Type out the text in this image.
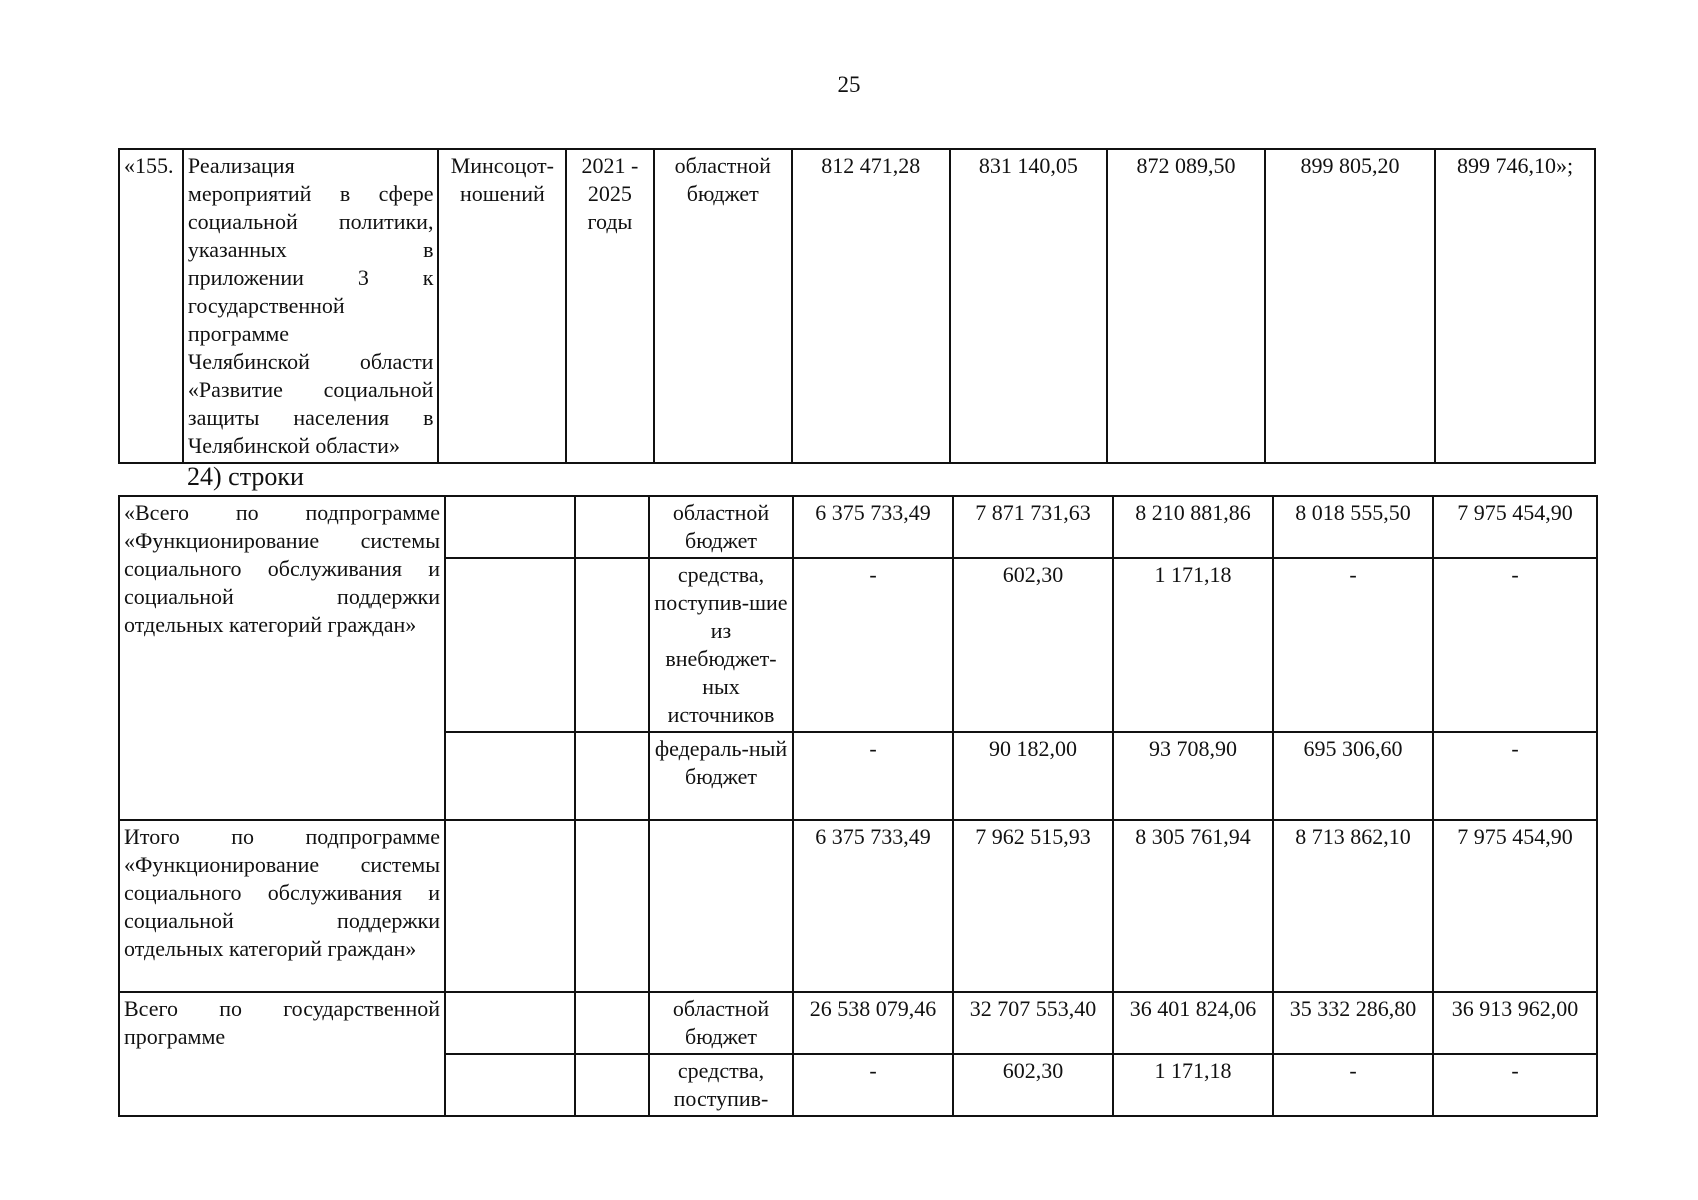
25
«155.	Реализация
мероприятий в сфере
социальной политики,
указанных в
приложении 3 к
государственной
программе
Челябинской области
«Развитие социальной
защиты населения в
Челябинской области»
	Минсоцот-ношений	2021 - 2025 годы	областной бюджет	812 471,28	831 140,05	872 089,50	899 805,20	899 746,10»;
24) строки
«Всего по подпрограмме «Функционирование системы социального обслуживания и социальной поддержки отдельных категорий граждан»			областной бюджет	6 375 733,49	7 871 731,63	8 210 881,86	8 018 555,50	7 975 454,90
			средства, поступив-шие из внебюджет-ных источников	-	602,30	1 171,18	-	-
			федераль-ный бюджет	-	90 182,00	93 708,90	695 306,60	-
Итого по подпрограмме «Функционирование системы социального обслуживания и социальной поддержки отдельных категорий граждан»				6 375 733,49	7 962 515,93	8 305 761,94	8 713 862,10	7 975 454,90
Всего по государственной программе			областной бюджет	26 538 079,46	32 707 553,40	36 401 824,06	35 332 286,80	36 913 962,00
			средства, поступив-	-	602,30	1 171,18	-	-
